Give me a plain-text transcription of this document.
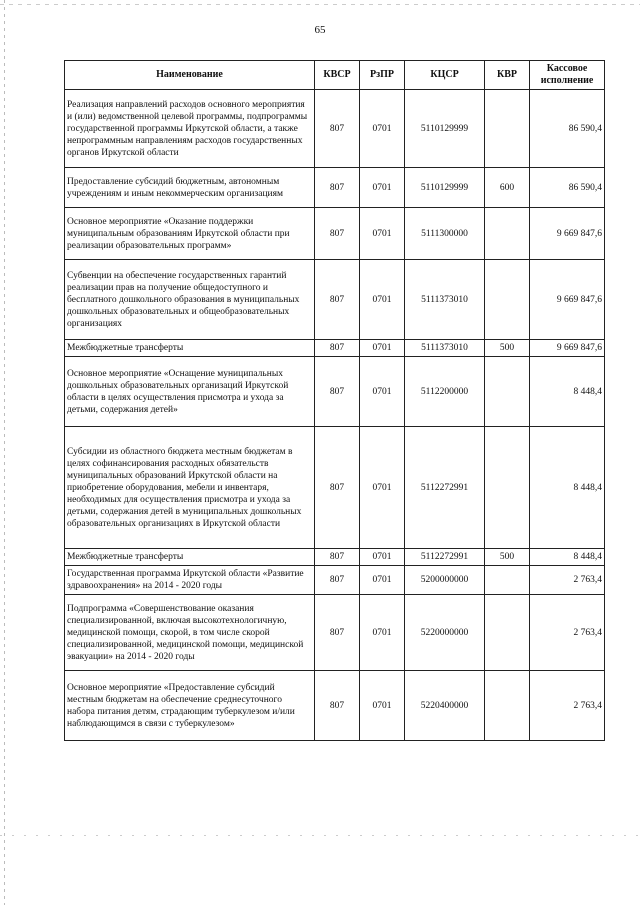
65
Наименование	КВСР	РзПР	КЦСР	КВР	Кассовое исполнение
Реализация направлений расходов основного мероприятия и (или) ведомственной целевой программы, подпрограммы государственной программы Иркутской области, а также непрограммным направлениям расходов государственных органов Иркутской области	807	0701	5110129999		86 590,4
Предоставление субсидий бюджетным, автономным учреждениям и иным некоммерческим организациям	807	0701	5110129999	600	86 590,4
Основное мероприятие «Оказание поддержки муниципальным образованиям Иркутской области при реализации образовательных программ»	807	0701	5111300000		9 669 847,6
Субвенции на обеспечение государственных гарантий реализации прав на получение общедоступного и бесплатного дошкольного образования в муниципальных дошкольных образовательных и общеобразовательных организациях	807	0701	5111373010		9 669 847,6
Межбюджетные трансферты	807	0701	5111373010	500	9 669 847,6
Основное мероприятие «Оснащение муниципальных дошкольных образовательных организаций Иркутской области в целях осуществления присмотра и ухода за детьми, содержания детей»	807	0701	5112200000		8 448,4
Субсидии из областного бюджета местным бюджетам в целях софинансирования расходных обязательств муниципальных образований Иркутской области на приобретение оборудования, мебели и инвентаря, необходимых для осуществления присмотра и ухода за детьми, содержания детей в муниципальных дошкольных образовательных организациях в Иркутской области	807	0701	5112272991		8 448,4
Межбюджетные трансферты	807	0701	5112272991	500	8 448,4
Государственная программа Иркутской области «Развитие здравоохранения» на 2014 - 2020 годы	807	0701	5200000000		2 763,4
Подпрограмма «Совершенствование оказания специализированной, включая высокотехнологичную, медицинской помощи, скорой, в том числе скорой специализированной, медицинской помощи, медицинской эвакуации» на 2014 - 2020 годы	807	0701	5220000000		2 763,4
Основное мероприятие «Предоставление субсидий местным бюджетам на обеспечение среднесуточного набора питания детям, страдающим туберкулезом и/или наблюдающимся в связи с туберкулезом»	807	0701	5220400000		2 763,4
